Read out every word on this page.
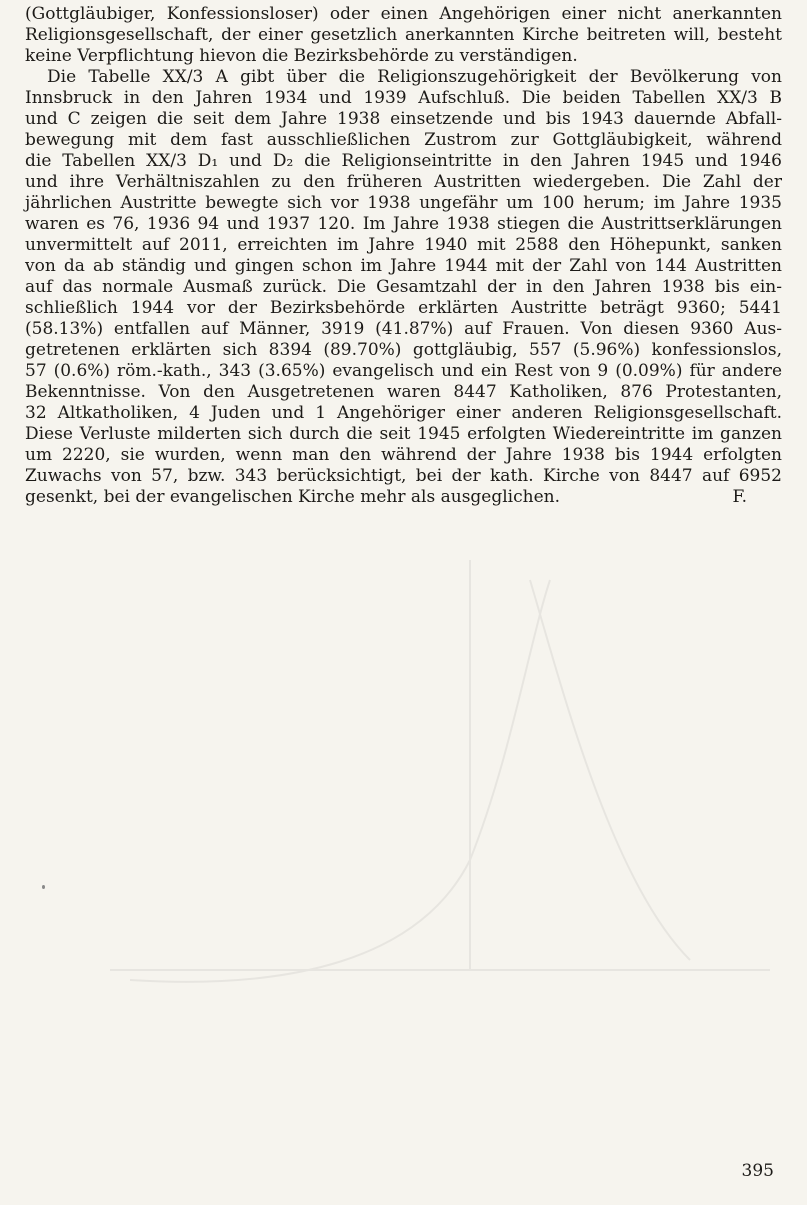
(Gottgläubiger, Konfessionsloser) oder einen Angehörigen einer nicht anerkannten
Religionsgesellschaft, der einer gesetzlich anerkannten Kirche beitreten will, besteht
keine Verpflichtung hievon die Bezirksbehörde zu verständigen.

Die Tabelle XX/3 A gibt über die Religionszugehörigkeit der Bevölkerung von
Innsbruck in den Jahren 1934 und 1939 Aufschluß. Die beiden Tabellen XX/3 B
und C zeigen die seit dem Jahre 1938 einsetzende und bis 1943 dauernde Abfall-
bewegung mit dem fast ausschließlichen Zustrom zur Gottgläubigkeit, während
die Tabellen XX/3 D₁ und D₂ die Religionseintritte in den Jahren 1945 und 1946
und ihre Verhältniszahlen zu den früheren Austritten wiedergeben. Die Zahl der
jährlichen Austritte bewegte sich vor 1938 ungefähr um 100 herum; im Jahre 1935
waren es 76, 1936 94 und 1937 120. Im Jahre 1938 stiegen die Austrittserklärungen
unvermittelt auf 2011, erreichten im Jahre 1940 mit 2588 den Höhepunkt, sanken
von da ab ständig und gingen schon im Jahre 1944 mit der Zahl von 144 Austritten
auf das normale Ausmaß zurück. Die Gesamtzahl der in den Jahren 1938 bis ein-
schließlich 1944 vor der Bezirksbehörde erklärten Austritte beträgt 9360; 5441
(58.13%) entfallen auf Männer, 3919 (41.87%) auf Frauen. Von diesen 9360 Aus-
getretenen erklärten sich 8394 (89.70%) gottgläubig, 557 (5.96%) konfessionslos,
57 (0.6%) röm.-kath., 343 (3.65%) evangelisch und ein Rest von 9 (0.09%) für andere
Bekenntnisse. Von den Ausgetretenen waren 8447 Katholiken, 876 Protestanten,
32 Altkatholiken, 4 Juden und 1 Angehöriger einer anderen Religionsgesellschaft.
Diese Verluste milderten sich durch die seit 1945 erfolgten Wiedereintritte im ganzen
um 2220, sie wurden, wenn man den während der Jahre 1938 bis 1944 erfolgten
Zuwachs von 57, bzw. 343 berücksichtigt, bei der kath. Kirche von 8447 auf 6952
gesenkt, bei der evangelischen Kirche mehr als ausgeglichen.	F.

395
